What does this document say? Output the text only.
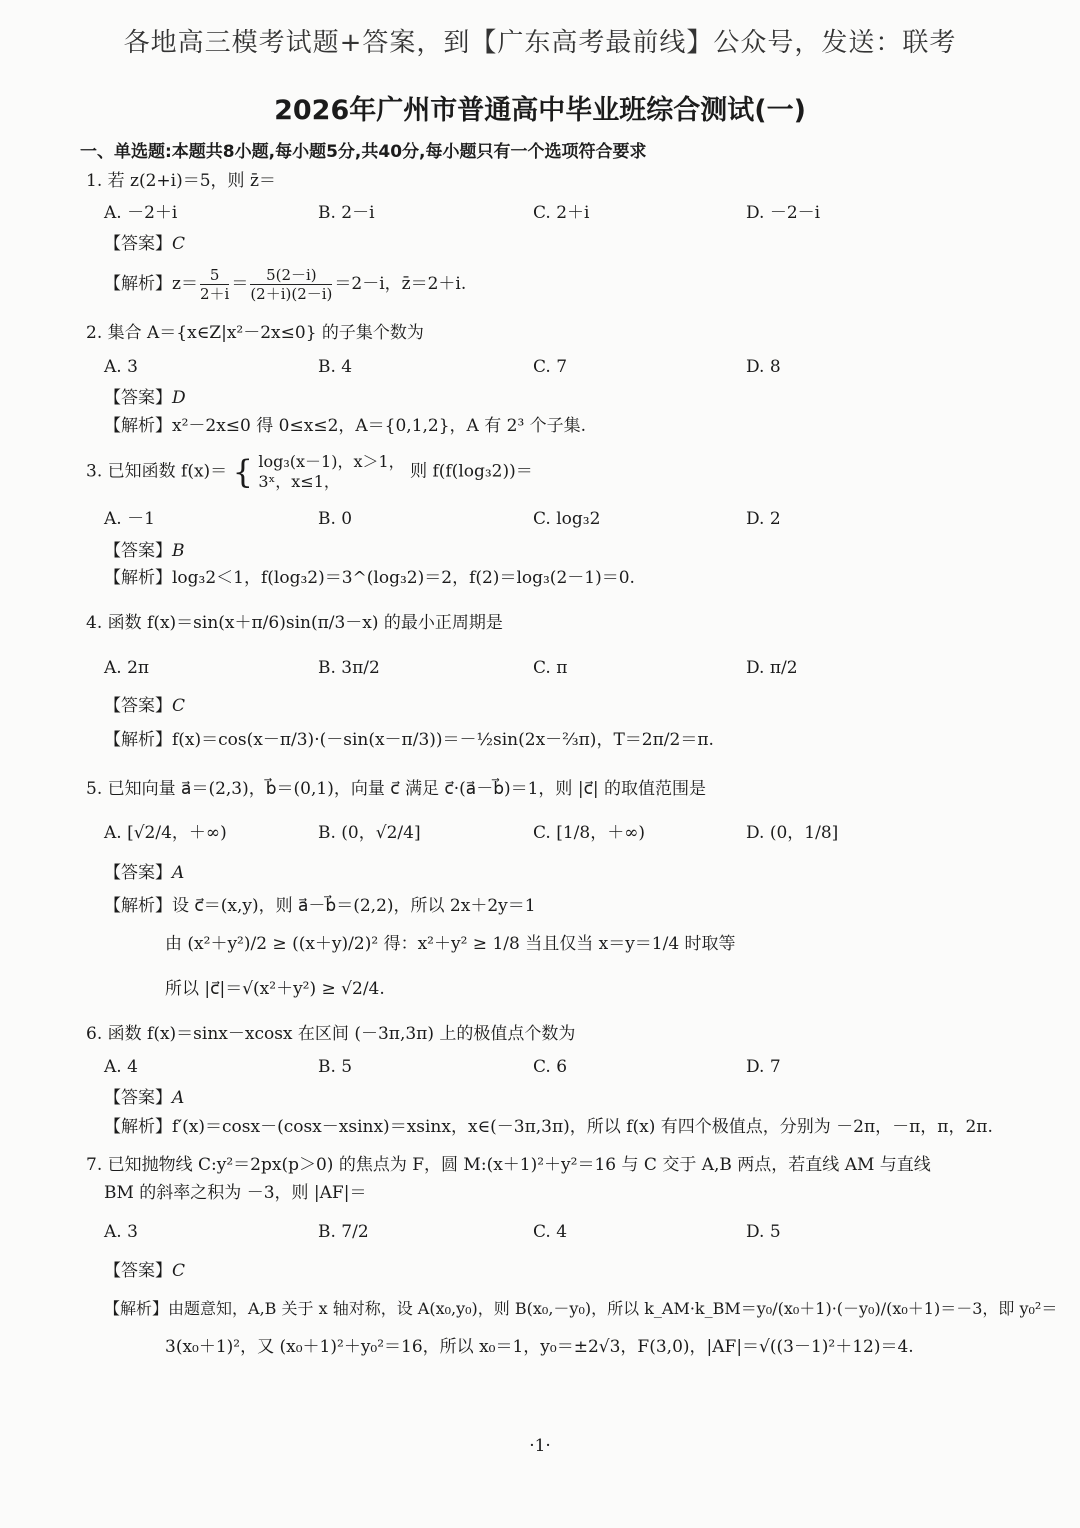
各地高三模考试题+答案，到【广东高考最前线】公众号，发送：联考
2026年广州市普通高中毕业班综合测试(一)
一、单选题:本题共8小题,每小题5分,共40分,每小题只有一个选项符合要求
1. 若 z(2+i)＝5，则 z̄＝
A. －2＋i	B. 2－i	C. 2＋i	D. －2－i
【答案】C
【解析】$z= \frac{5}{2+i} = \frac{5(2-i)}{(2+i)(2-i)} =2-i$，z̄＝2＋i.
2. 集合 A＝{x∈Z|x²－2x≤0} 的子集个数为
A. 3	B. 4	C. 7	D. 8
【答案】D
【解析】x²－2x≤0 得 0≤x≤2，A＝{0,1,2}，A 有 2³ 个子集.
3. 已知函数 f(x)＝ { log₃(x－1)，x＞1，
3ˣ，x≤1，	则 f(f(log₃2))＝
A. －1	B. 0	C. log₃2	D. 2
【答案】B
【解析】log₃2＜1，f(log₃2)＝3^(log₃2)＝2，f(2)＝log₃(2－1)＝0.
4. 函数 f(x)＝sin(x＋π/6)sin(π/3－x) 的最小正周期是
A. 2π	B. 3π/2	C. π	D. π/2
【答案】C
【解析】f(x)＝cos(x－π/3)·(－sin(x－π/3))＝－½sin(2x－⅔π)，T＝2π/2＝π.
5. 已知向量 a⃗＝(2,3)，b⃗＝(0,1)，向量 c⃗ 满足 c⃗·(a⃗－b⃗)＝1，则 |c⃗| 的取值范围是
A. [√2/4，＋∞)	B. (0，√2/4]	C. [1/8，＋∞)	D. (0，1/8]
【答案】A
【解析】设 c⃗＝(x,y)，则 a⃗－b⃗＝(2,2)，所以 2x＋2y＝1
由 (x²＋y²)/2 ≥ ((x＋y)/2)² 得：x²＋y² ≥ 1/8 当且仅当 x＝y＝1/4 时取等
所以 |c⃗|＝√(x²＋y²) ≥ √2/4.
6. 函数 f(x)＝sinx－xcosx 在区间 (－3π,3π) 上的极值点个数为
A. 4	B. 5	C. 6	D. 7
【答案】A
【解析】f′(x)＝cosx－(cosx－xsinx)＝xsinx，x∈(－3π,3π)，所以 f(x) 有四个极值点，分别为 －2π，－π，π，2π.
7. 已知抛物线 C:y²＝2px(p＞0) 的焦点为 F，圆 M:(x＋1)²＋y²＝16 与 C 交于 A,B 两点，若直线 AM 与直线
BM 的斜率之积为 －3，则 |AF|＝
A. 3	B. 7/2	C. 4	D. 5
【答案】C
【解析】由题意知，A,B 关于 x 轴对称，设 A(x₀,y₀)，则 B(x₀,－y₀)，所以 k_AM·k_BM＝y₀/(x₀＋1)·(－y₀)/(x₀＋1)＝－3，即 y₀²＝
3(x₀＋1)²，又 (x₀＋1)²＋y₀²＝16，所以 x₀＝1，y₀＝±2√3，F(3,0)，|AF|＝√((3－1)²＋12)＝4.
·1·
